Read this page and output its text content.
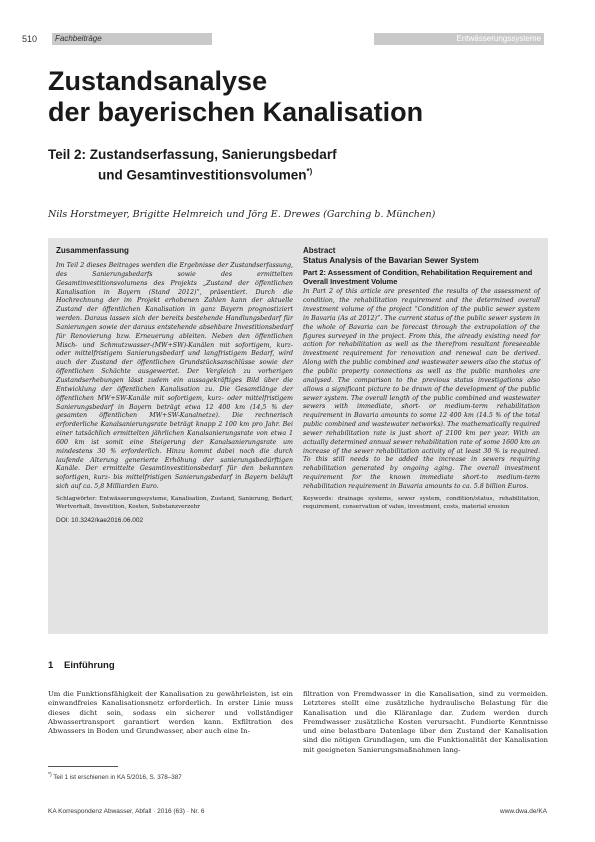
510	Fachbeiträge	Entwässerungssysteme
Zustandsanalyse
der bayerischen Kanalisation
Teil 2: Zustandserfassung, Sanierungsbedarf
und Gesamtinvestitionsvolumen*)
Nils Horstmeyer, Brigitte Helmreich und Jörg E. Drewes (Garching b. München)
Zusammenfassung

Im Teil 2 dieses Beitrages werden die Ergebnisse der Zustandserfassung, des Sanierungsbedarfs sowie des ermittelten Gesamtinvestitionsvolumens des Projekts „Zustand der öffentlichen Kanalisation in Bayern (Stand 2012)“, präsentiert. Durch die Hochrechnung der im Projekt erhobenen Zahlen kann der aktuelle Zustand der öffentlichen Kanalisation in ganz Bayern prognostiziert werden. Daraus lassen sich der bereits bestehende Handlungsbedarf für Sanierungen sowie der daraus entstehende absehbare Investitionsbedarf für Renovierung bzw. Erneuerung ableiten. Neben den öffentlichen Misch- und Schmutzwasser-(MW+SW)-Kanälen mit sofortigem, kurz- oder mittelfristigem Sanierungsbedarf und langfristigem Bedarf, wird auch der Zustand der öffentlichen Grundstücksanschlüsse sowie der öffentlichen Schächte ausgewertet. Der Vergleich zu vorherigen Zustandserhebungen lässt zudem ein aussagekräftiges Bild über die Entwicklung der öffentlichen Kanalisation zu. Die Gesamtlänge der öffentlichen MW+SW-Kanäle mit sofortigem, kurz- oder mittelfristigem Sanierungsbedarf in Bayern beträgt etwa 12 400 km (14,5 % der gesamten öffentlichen MW+SW-Kanalnetze). Die rechnerisch erforderliche Kanalsanierungsrate beträgt knapp 2 100 km pro Jahr. Bei einer tatsächlich ermittelten jährlichen Kanalsanierungsrate von etwa 1 600 km ist somit eine Steigerung der Kanalsanierungsrate um mindestens 30 % erforderlich. Hinzu kommt dabei noch die durch laufende Alterung generierte Erhöhung der sanierungsbedürftigen Kanäle. Der ermittelte Gesamtinvestitionsbedarf für den bekannten sofortigen, kurz- bis mittelfristigen Sanierungsbedarf in Bayern beläuft sich auf ca. 5,8 Milliarden Euro.

Schlagwörter: Entwässerungssysteme, Kanalisation, Zustand, Sanierung, Bedarf, Wertverhalt, Investition, Kosten, Substanzverzehr

DOI: 10.3242/kae2016.06.002

Abstract
Status Analysis of the Bavarian Sewer System
Part 2: Assessment of Condition, Rehabilitation Requirement and Overall Investment Volume

In Part 2 of this article are presented the results of the assessment of condition, the rehabilitation requirement and the determined overall investment volume of the project “Condition of the public sewer system in Bavaria (As at 2012)”. The current status of the public sewer system in the whole of Bavaria can be forecast through the extrapolation of the figures surveyed in the project. From this, the already existing need for action for rehabilitation as well as the therefrom resultant foreseeable investment requirement for renovation and renewal can be derived. Along with the public combined and wastewater sewers also the status of the public property connections as well as the public manholes are analysed. The comparison to the previous status investigations also allows a significant picture to be drawn of the development of the public sewer system. The overall length of the public combined and wastewater sewers with immediate, short- or medium-term rehabilitation requirement in Bavaria amounts to some 12 400 km (14.5 % of the total public combined and wastewater networks). The mathematically required sewer rehabilitation rate is just short of 2100 km per year. With an actually determined annual sewer rehabilitation rate of some 1600 km an increase of the sewer rehabilitation activity of at least 30 % is required. To this still needs to be added the increase in sewers requiring rehabilitation generated by ongoing aging. The overall investment requirement for the known immediate short-to medium-term rehabilitation requirement in Bavaria amounts to ca. 5.8 billion Euros.

Keywords: drainage systems, sewer system, condition/status, rehabilitation, requirement, conservation of value, investment, costs, material erosion

1 Einführung

Um die Funktionsfähigkeit der Kanalisation zu gewährleisten, ist ein einwandfreies Kanalisationsnetz erforderlich. In erster Linie muss dieses dicht sein, sodass ein sicherer und vollständiger Abwassertransport garantiert werden kann. Exfiltration des Abwassers in Boden und Grundwasser, aber auch eine In-

filtration von Fremdwasser in die Kanalisation, sind zu vermeiden. Letzteres stellt eine zusätzliche hydraulische Belastung für die Kanalisation und die Kläranlage dar. Zudem werden durch Fremdwasser zusätzliche Kosten verursacht. Fundierte Kenntnisse und eine belastbare Datenlage über den Zustand der Kanalisation sind die nötigen Grundlagen, um die Funktionalität der Kanalisation mit geeigneten Sanierungsmaßnahmen lang-

*) Teil 1 ist erschienen in KA 5/2016, S. 378–387
KA Korrespondenz Abwasser, Abfall · 2016 (63) · Nr. 6	www.dwa.de/KA
